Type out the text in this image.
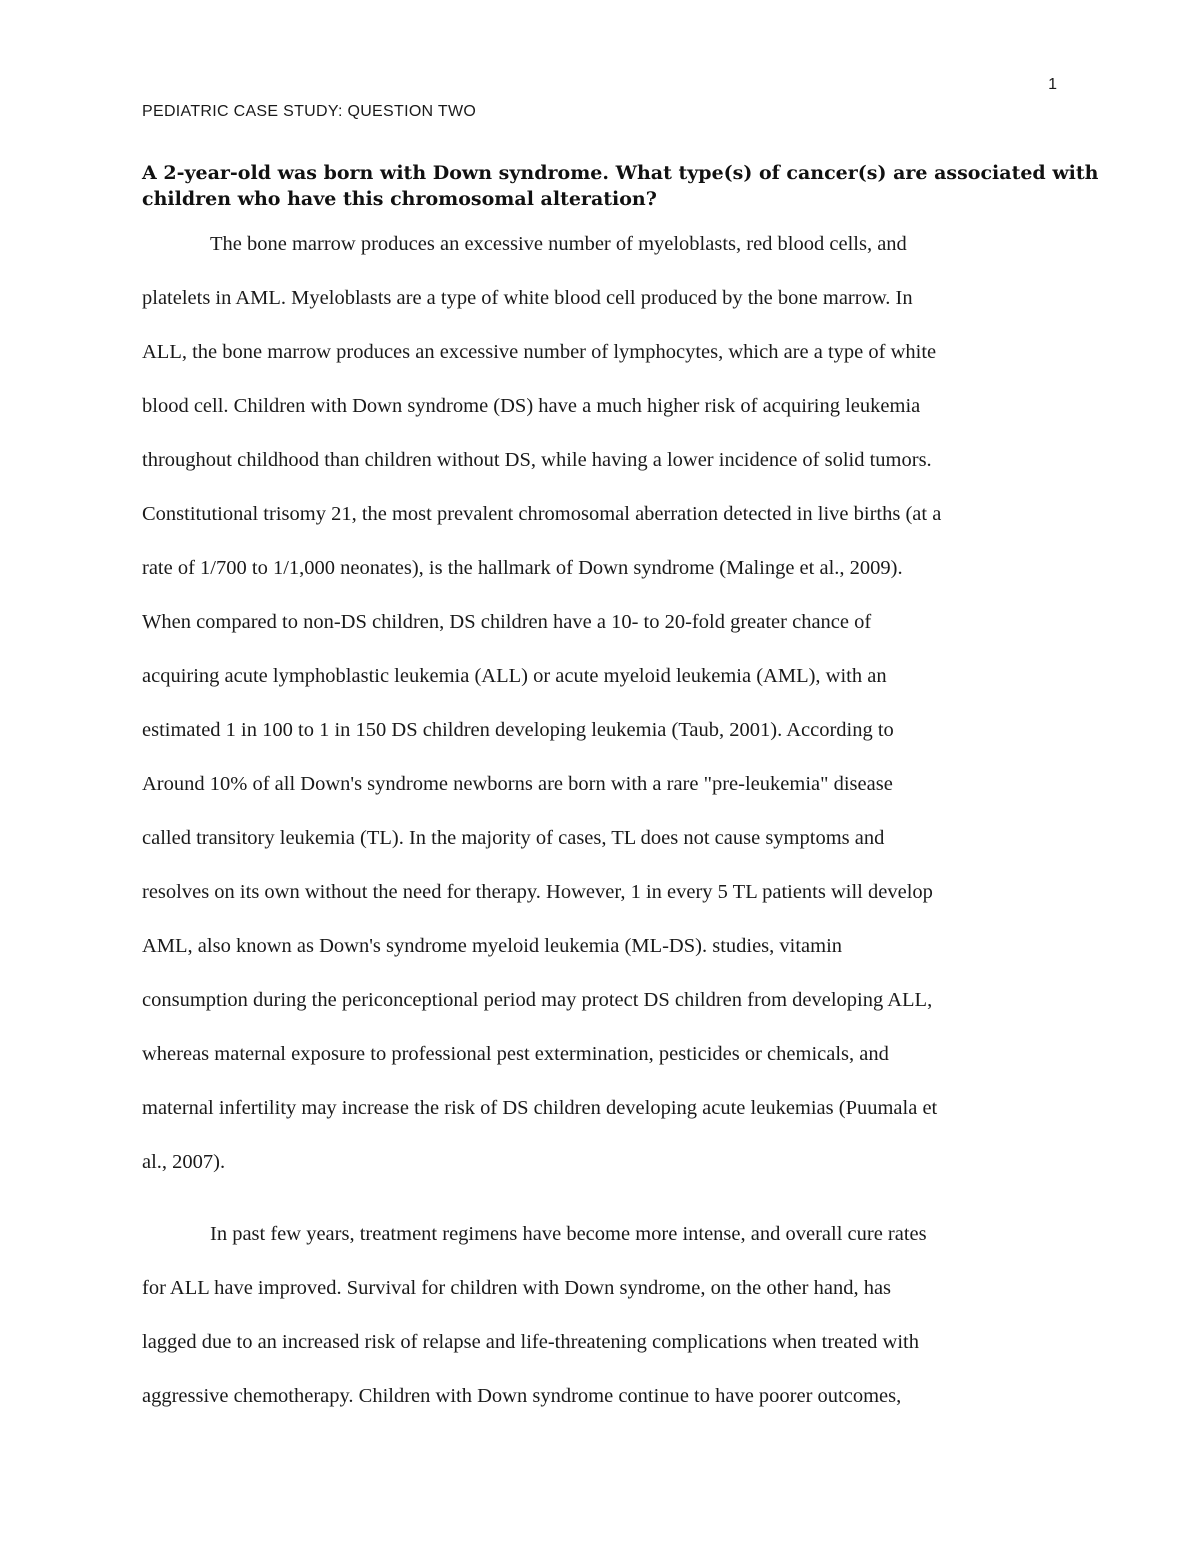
1
PEDIATRIC CASE STUDY: QUESTION TWO
A 2-year-old was born with Down syndrome. What type(s) of cancer(s) are associated with
children who have this chromosomal alteration?
The bone marrow produces an excessive number of myeloblasts, red blood cells, and
platelets in AML. Myeloblasts are a type of white blood cell produced by the bone marrow. In
ALL, the bone marrow produces an excessive number of lymphocytes, which are a type of white
blood cell. Children with Down syndrome (DS) have a much higher risk of acquiring leukemia
throughout childhood than children without DS, while having a lower incidence of solid tumors.
Constitutional trisomy 21, the most prevalent chromosomal aberration detected in live births (at a
rate of 1/700 to 1/1,000 neonates), is the hallmark of Down syndrome (Malinge et al., 2009).
When compared to non-DS children, DS children have a 10- to 20-fold greater chance of
acquiring acute lymphoblastic leukemia (ALL) or acute myeloid leukemia (AML), with an
estimated 1 in 100 to 1 in 150 DS children developing leukemia (Taub, 2001). According to
Around 10% of all Down's syndrome newborns are born with a rare "pre-leukemia" disease
called transitory leukemia (TL). In the majority of cases, TL does not cause symptoms and
resolves on its own without the need for therapy. However, 1 in every 5 TL patients will develop
AML, also known as Down's syndrome myeloid leukemia (ML-DS). studies, vitamin
consumption during the periconceptional period may protect DS children from developing ALL,
whereas maternal exposure to professional pest extermination, pesticides or chemicals, and
maternal infertility may increase the risk of DS children developing acute leukemias (Puumala et
al., 2007).
In past few years, treatment regimens have become more intense, and overall cure rates
for ALL have improved. Survival for children with Down syndrome, on the other hand, has
lagged due to an increased risk of relapse and life-threatening complications when treated with
aggressive chemotherapy. Children with Down syndrome continue to have poorer outcomes,
